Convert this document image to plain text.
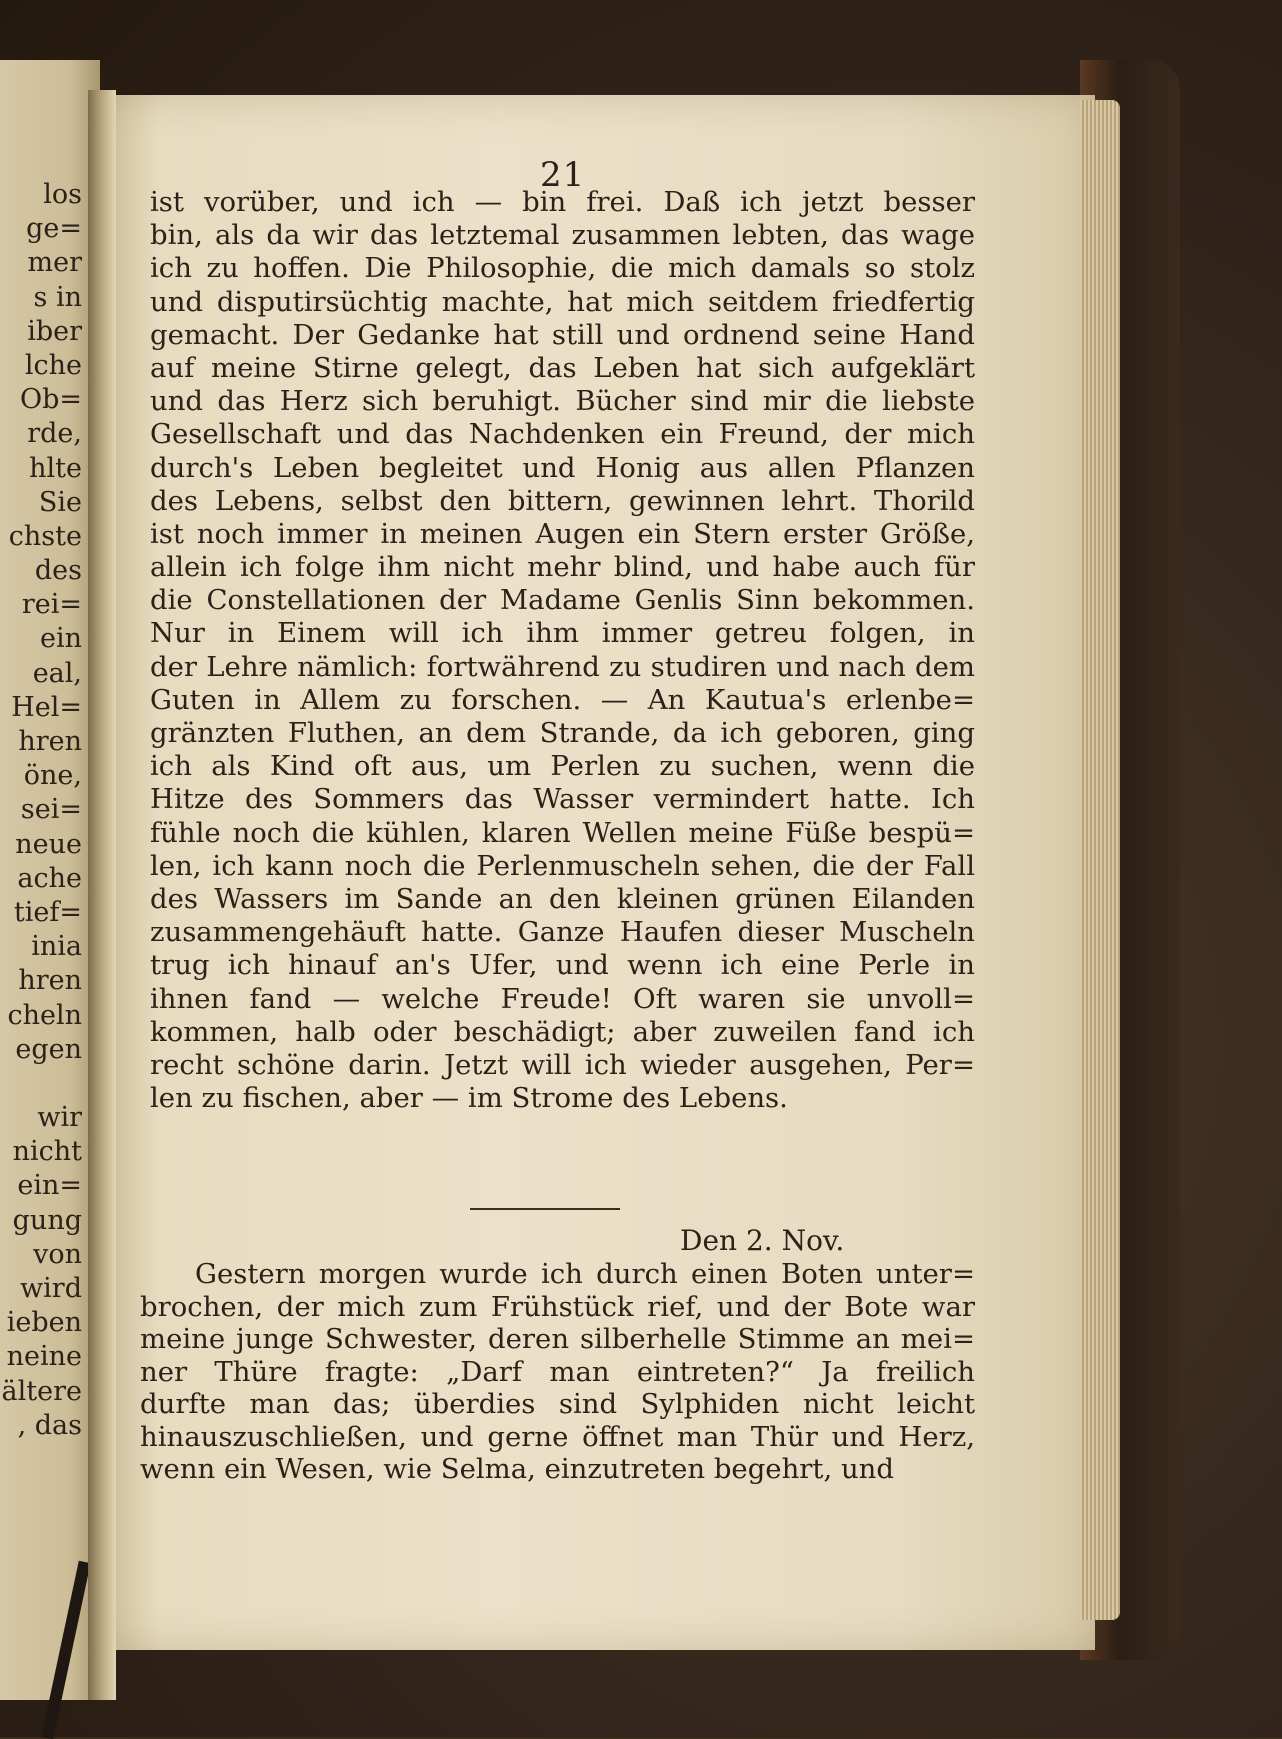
los
ge=
mer
s in
iber
lche
Ob=
rde,
hlte
Sie
chste
des
rei=
ein
eal,
Hel=
hren
öne,
sei=
neue
ache
tief=
inia
hren
cheln
egen
wir
nicht
ein=
gung
von
wird
ieben
neine
ältere
, das
21
ist vorüber, und ich — bin frei. Daß ich jetzt besser
bin, als da wir das letztemal zusammen lebten, das wage
ich zu hoffen. Die Philosophie, die mich damals so stolz
und disputirsüchtig machte, hat mich seitdem friedfertig
gemacht. Der Gedanke hat still und ordnend seine Hand
auf meine Stirne gelegt, das Leben hat sich aufgeklärt
und das Herz sich beruhigt. Bücher sind mir die liebste
Gesellschaft und das Nachdenken ein Freund, der mich
durch's Leben begleitet und Honig aus allen Pflanzen
des Lebens, selbst den bittern, gewinnen lehrt. Thorild
ist noch immer in meinen Augen ein Stern erster Größe,
allein ich folge ihm nicht mehr blind, und habe auch für
die Constellationen der Madame Genlis Sinn bekommen.
Nur in Einem will ich ihm immer getreu folgen, in
der Lehre nämlich: fortwährend zu studiren und nach dem
Guten in Allem zu forschen. — An Kautua's erlenbe=
gränzten Fluthen, an dem Strande, da ich geboren, ging
ich als Kind oft aus, um Perlen zu suchen, wenn die
Hitze des Sommers das Wasser vermindert hatte. Ich
fühle noch die kühlen, klaren Wellen meine Füße bespü=
len, ich kann noch die Perlenmuscheln sehen, die der Fall
des Wassers im Sande an den kleinen grünen Eilanden
zusammengehäuft hatte. Ganze Haufen dieser Muscheln
trug ich hinauf an's Ufer, und wenn ich eine Perle in
ihnen fand — welche Freude! Oft waren sie unvoll=
kommen, halb oder beschädigt; aber zuweilen fand ich
recht schöne darin. Jetzt will ich wieder ausgehen, Per=
len zu fischen, aber — im Strome des Lebens.
Den 2. Nov.
Gestern morgen wurde ich durch einen Boten unter=
brochen, der mich zum Frühstück rief, und der Bote war
meine junge Schwester, deren silberhelle Stimme an mei=
ner Thüre fragte: „Darf man eintreten?“ Ja freilich
durfte man das; überdies sind Sylphiden nicht leicht
hinauszuschließen, und gerne öffnet man Thür und Herz,
wenn ein Wesen, wie Selma, einzutreten begehrt, und
